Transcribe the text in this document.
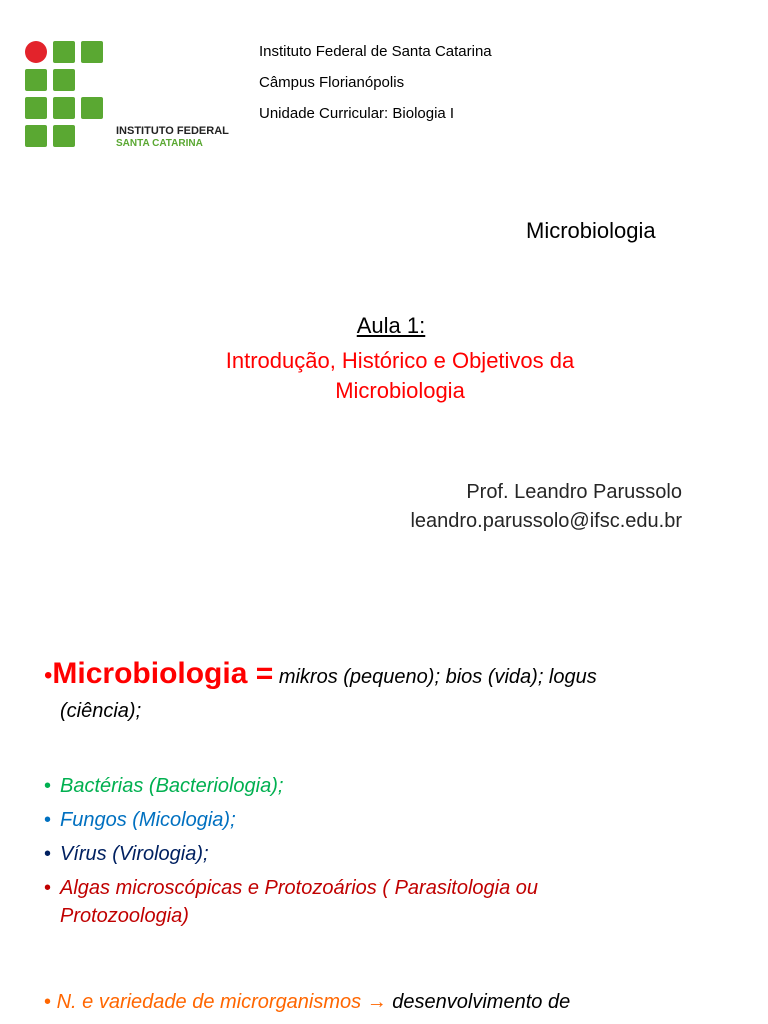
INSTITUTO FEDERAL
SANTA CATARINA
Instituto Federal de Santa Catarina
Câmpus Florianópolis
Unidade Curricular: Biologia I
Microbiologia
Aula 1:
Introdução, Histórico e Objetivos da
Microbiologia
Prof. Leandro Parussolo
leandro.parussolo@ifsc.edu.br
•Microbiologia = mikros (pequeno); bios (vida); logus
(ciência);
• Bactérias (Bacteriologia);
• Fungos (Micologia);
• Vírus (Virologia);
• Algas microscópicas e Protozoários ( Parasitologia ou Protozoologia)
• N. e variedade de microrganismos → desenvolvimento de
